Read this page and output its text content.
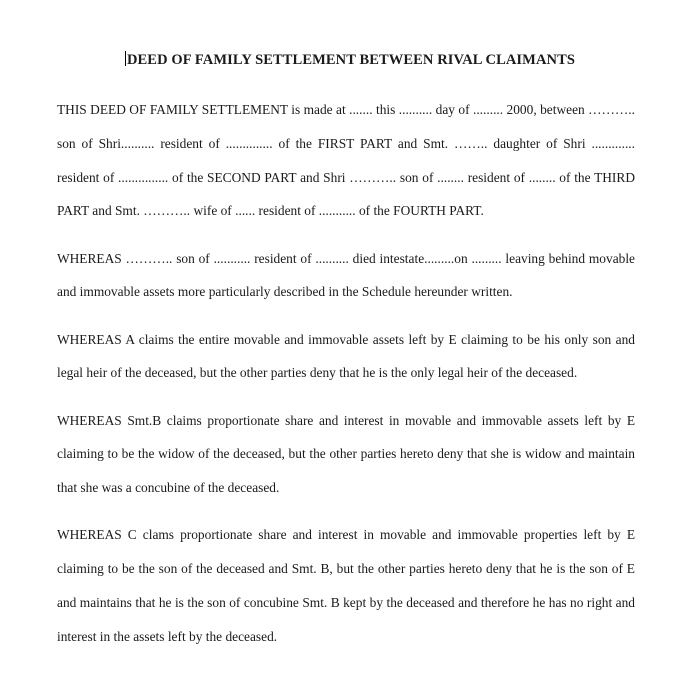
DEED OF FAMILY SETTLEMENT BETWEEN RIVAL CLAIMANTS

THIS DEED OF FAMILY SETTLEMENT is made at ....... this .......... day of ......... 2000, between ……….. son of Shri.......... resident of .............. of the FIRST PART and Smt. …….. daughter of Shri ............. resident of ............... of the SECOND PART and Shri ……….. son of ........ resident of ........ of the THIRD PART and Smt. ……….. wife of ...... resident of ........... of the FOURTH PART.

WHEREAS ……….. son of ........... resident of .......... died intestate.........on ......... leaving behind movable and immovable assets more particularly described in the Schedule hereunder written.

WHEREAS A claims the entire movable and immovable assets left by E claiming to be his only son and legal heir of the deceased, but the other parties deny that he is the only legal heir of the deceased.

WHEREAS Smt.B claims proportionate share and interest in movable and immovable assets left by E claiming to be the widow of the deceased, but the other parties hereto deny that she is widow and maintain that she was a concubine of the deceased.

WHEREAS C clams proportionate share and interest in movable and immovable properties left by E claiming to be the son of the deceased and Smt. B, but the other parties hereto deny that he is the son of E and maintains that he is the son of concubine Smt. B kept by the deceased and therefore he has no right and interest in the assets left by the deceased.
